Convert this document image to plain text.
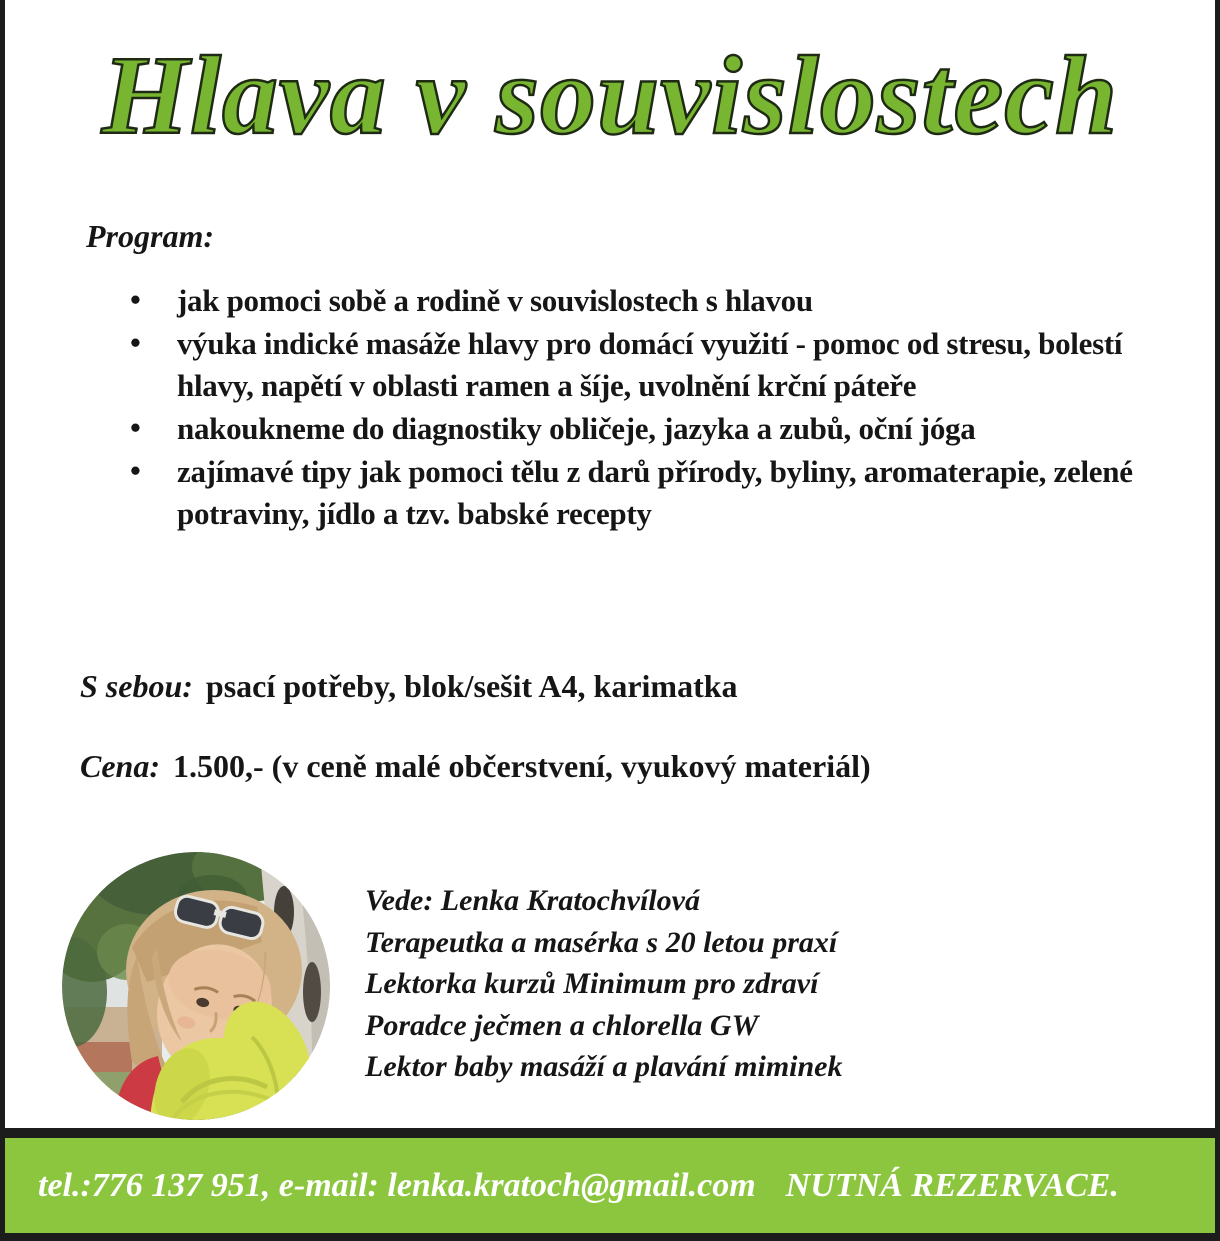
Hlava v souvislostech
Program:
• jak pomoci sobě a rodině v souvislostech s hlavou
• výuka indické masáže hlavy pro domácí využití - pomoc od stresu, bolestí hlavy, napětí v oblasti ramen a šíje, uvolnění krční páteře
• nakoukneme do diagnostiky obličeje, jazyka a zubů, oční jóga
• zajímavé tipy jak pomoci tělu z darů přírody, byliny, aromaterapie, zelené potraviny, jídlo a tzv. babské recepty
S sebou: psací potřeby, blok/sešit A4, karimatka
Cena: 1.500,- (v ceně malé občerstvení, vyukový materiál)
Vede: Lenka Kratochvílová
Terapeutka a masérka s 20 letou praxí
Lektorka kurzů Minimum pro zdraví
Poradce ječmen a chlorella GW
Lektor baby masáží a plavání miminek
tel.:776 137 951, e-mail: lenka.kratoch@gmail.com NUTNÁ REZERVACE.
